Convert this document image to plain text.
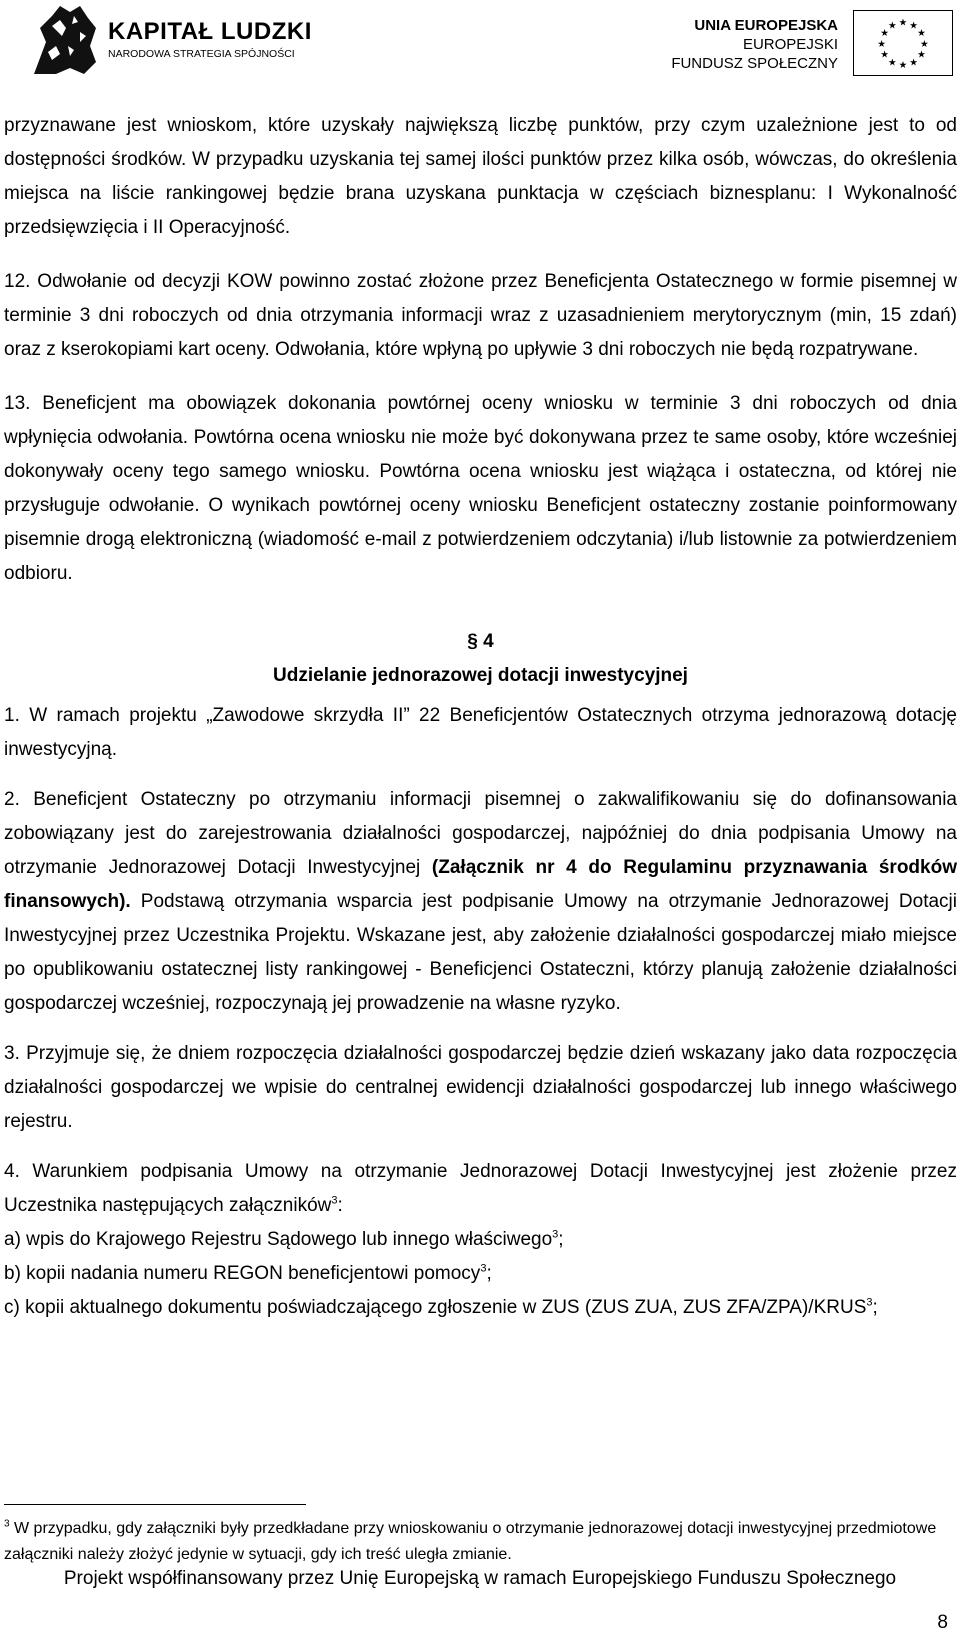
KAPITAŁ LUDZKI
NARODOWA STRATEGIA SPÓJNOŚCI
UNIA EUROPEJSKA
EUROPEJSKI
FUNDUSZ SPOŁECZNY
★ ★
★
★
★
★
★
★
★
★
★
★

przyznawane jest wnioskom, które uzyskały największą liczbę punktów, przy czym uzależnione jest to od dostępności środków. W przypadku uzyskania tej samej ilości punktów przez kilka osób, wówczas, do określenia miejsca na liście rankingowej będzie brana uzyskana punktacja w częściach biznesplanu: I Wykonalność przedsięwzięcia i II Operacyjność.

12. Odwołanie od decyzji KOW powinno zostać złożone przez Beneficjenta Ostatecznego w formie pisemnej w terminie 3 dni roboczych od dnia otrzymania informacji wraz z uzasadnieniem merytorycznym (min, 15 zdań) oraz z kserokopiami kart oceny. Odwołania, które wpłyną po upływie 3 dni roboczych nie będą rozpatrywane.

13. Beneficjent ma obowiązek dokonania powtórnej oceny wniosku w terminie 3 dni roboczych od dnia wpłynięcia odwołania. Powtórna ocena wniosku nie może być dokonywana przez te same osoby, które wcześniej dokonywały oceny tego samego wniosku. Powtórna ocena wniosku jest wiążąca i ostateczna, od której nie przysługuje odwołanie. O wynikach powtórnej oceny wniosku Beneficjent ostateczny zostanie poinformowany pisemnie drogą elektroniczną (wiadomość e-mail z potwierdzeniem odczytania) i/lub listownie za potwierdzeniem odbioru.

§ 4

Udzielanie jednorazowej dotacji inwestycyjnej

1. W ramach projektu „Zawodowe skrzydła II” 22 Beneficjentów Ostatecznych otrzyma jednorazową dotację inwestycyjną.

2. Beneficjent Ostateczny po otrzymaniu informacji pisemnej o zakwalifikowaniu się do dofinansowania zobowiązany jest do zarejestrowania działalności gospodarczej, najpóźniej do dnia podpisania Umowy na otrzymanie Jednorazowej Dotacji Inwestycyjnej (Załącznik nr 4 do Regulaminu przyznawania środków finansowych). Podstawą otrzymania wsparcia jest podpisanie Umowy na otrzymanie Jednorazowej Dotacji Inwestycyjnej przez Uczestnika Projektu. Wskazane jest, aby założenie działalności gospodarczej miało miejsce po opublikowaniu ostatecznej listy rankingowej - Beneficjenci Ostateczni, którzy planują założenie działalności gospodarczej wcześniej, rozpoczynają jej prowadzenie na własne ryzyko.

3. Przyjmuje się, że dniem rozpoczęcia działalności gospodarczej będzie dzień wskazany jako data rozpoczęcia działalności gospodarczej we wpisie do centralnej ewidencji działalności gospodarczej lub innego właściwego rejestru.

4. Warunkiem podpisania Umowy na otrzymanie Jednorazowej Dotacji Inwestycyjnej jest złożenie przez Uczestnika następujących załączników$^3$:

a) wpis do Krajowego Rejestru Sądowego lub innego właściwego$^3$;

b) kopii nadania numeru REGON beneficjentowi pomocy$^3$;

c) kopii aktualnego dokumentu poświadczającego zgłoszenie w ZUS (ZUS ZUA, ZUS ZFA/ZPA)/KRUS$^3$;

$^3$ W przypadku, gdy załączniki były przedkładane przy wnioskowaniu o otrzymanie jednorazowej dotacji inwestycyjnej przedmiotowe załączniki należy złożyć jedynie w sytuacji, gdy ich treść uległa zmianie.
Projekt współfinansowany przez Unię Europejską w ramach Europejskiego Funduszu Społecznego
8
